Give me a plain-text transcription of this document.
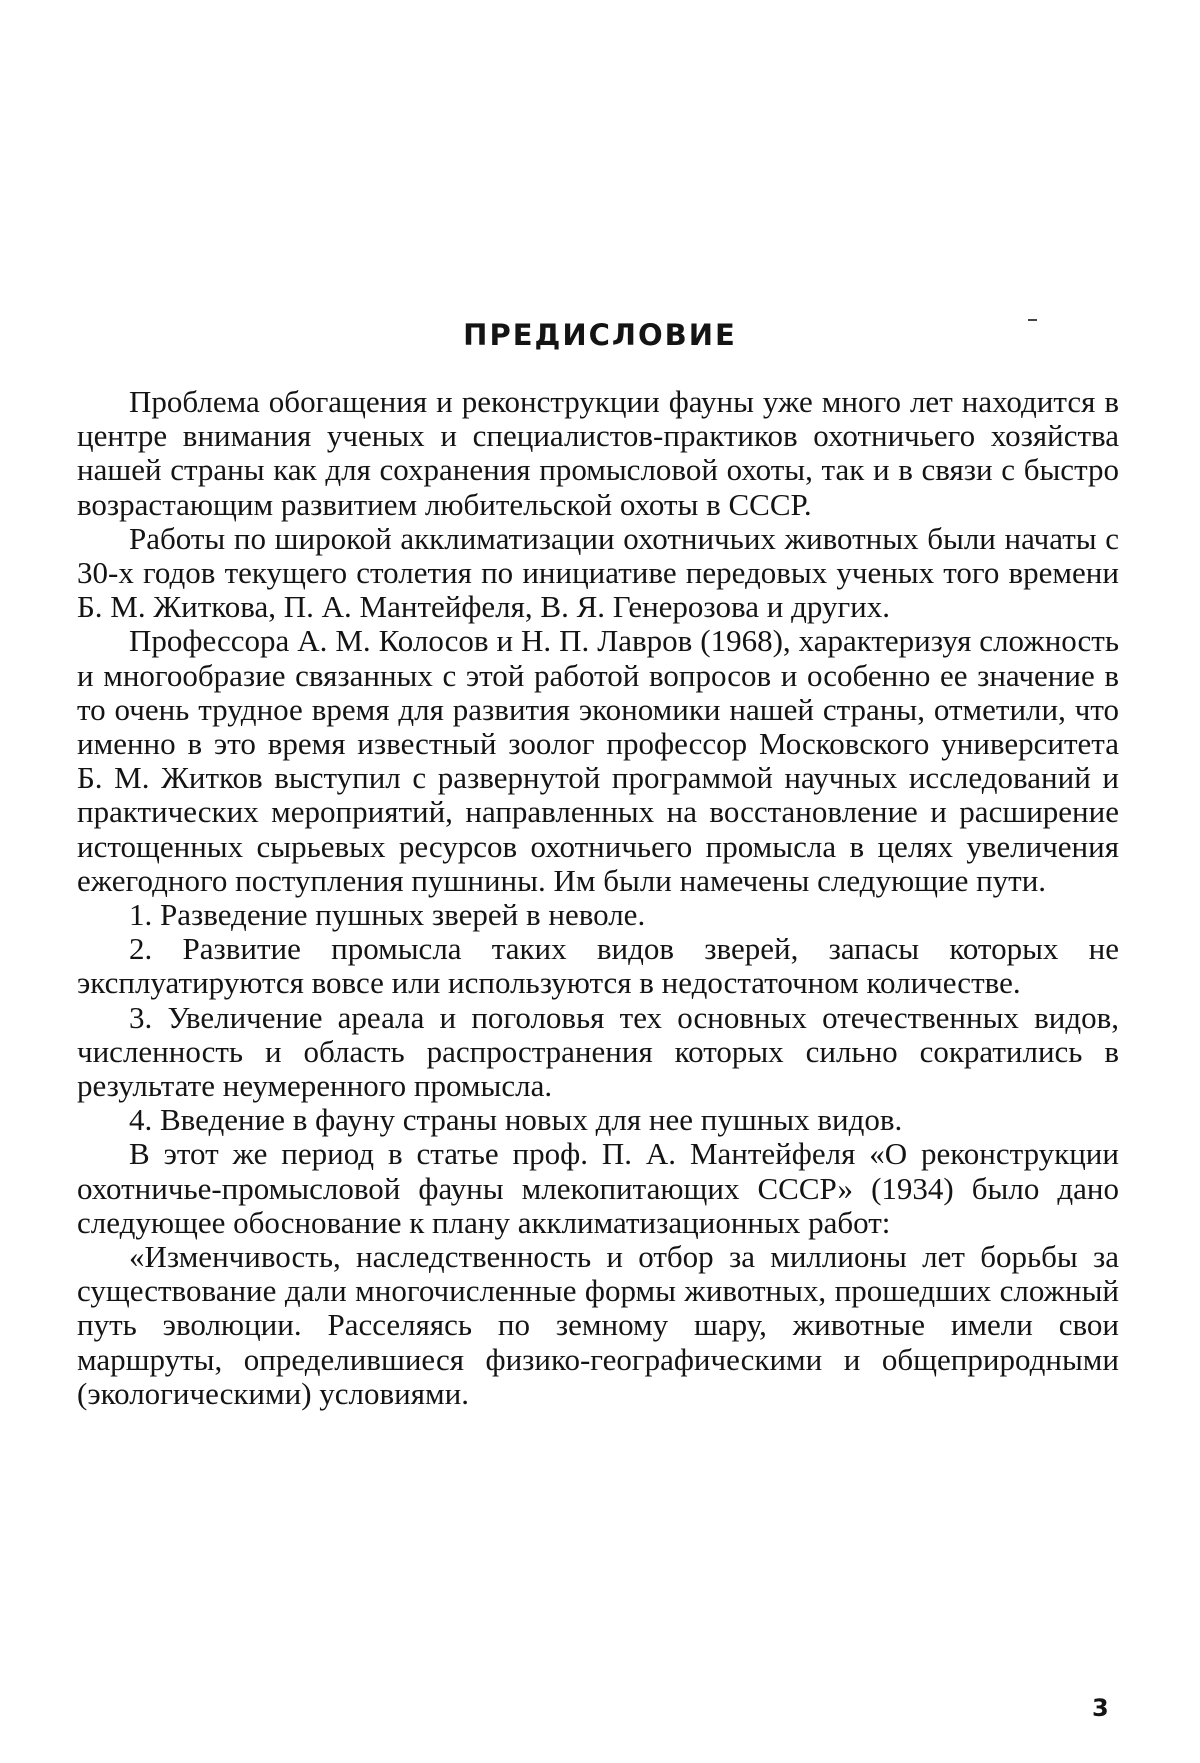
ПРЕДИСЛОВИЕ

Проблема обогащения и реконструкции фауны уже много лет находится в центре внимания ученых и специалистов-практиков охотничьего хозяйства нашей страны как для сохранения промысловой охоты, так и в связи с быстро возрастающим развитием любительской охоты в СССР.

Работы по широкой акклиматизации охотничьих животных были начаты с 30-х годов текущего столетия по инициативе передовых ученых того времени Б. М. Житкова, П. А. Мантейфеля, В. Я. Генерозова и других.

Профессора А. М. Колосов и Н. П. Лавров (1968), характеризуя сложность и многообразие связанных с этой работой вопросов и особенно ее значение в то очень трудное время для развития экономики нашей страны, отметили, что именно в это время известный зоолог профессор Московского университета Б. М. Житков выступил с развернутой программой научных исследований и практических мероприятий, направленных на восстановление и расширение истощенных сырьевых ресурсов охотничьего промысла в целях увеличения ежегодного поступления пушнины. Им были намечены следующие пути.

1. Разведение пушных зверей в неволе.

2. Развитие промысла таких видов зверей, запасы которых не эксплуатируются вовсе или используются в недостаточном количестве.

3. Увеличение ареала и поголовья тех основных отечественных видов, численность и область распространения которых сильно сократились в результате неумеренного промысла.

4. Введение в фауну страны новых для нее пушных видов.

В этот же период в статье проф. П. А. Мантейфеля «О реконструкции охотничье-промысловой фауны млекопитающих СССР» (1934) было дано следующее обоснование к плану акклиматизационных работ:

«Изменчивость, наследственность и отбор за миллионы лет борьбы за существование дали многочисленные формы животных, прошедших сложный путь эволюции. Расселяясь по земному шару, животные имели свои маршруты, определившиеся физико-географическими и общеприродными (экологическими) условиями.

3
